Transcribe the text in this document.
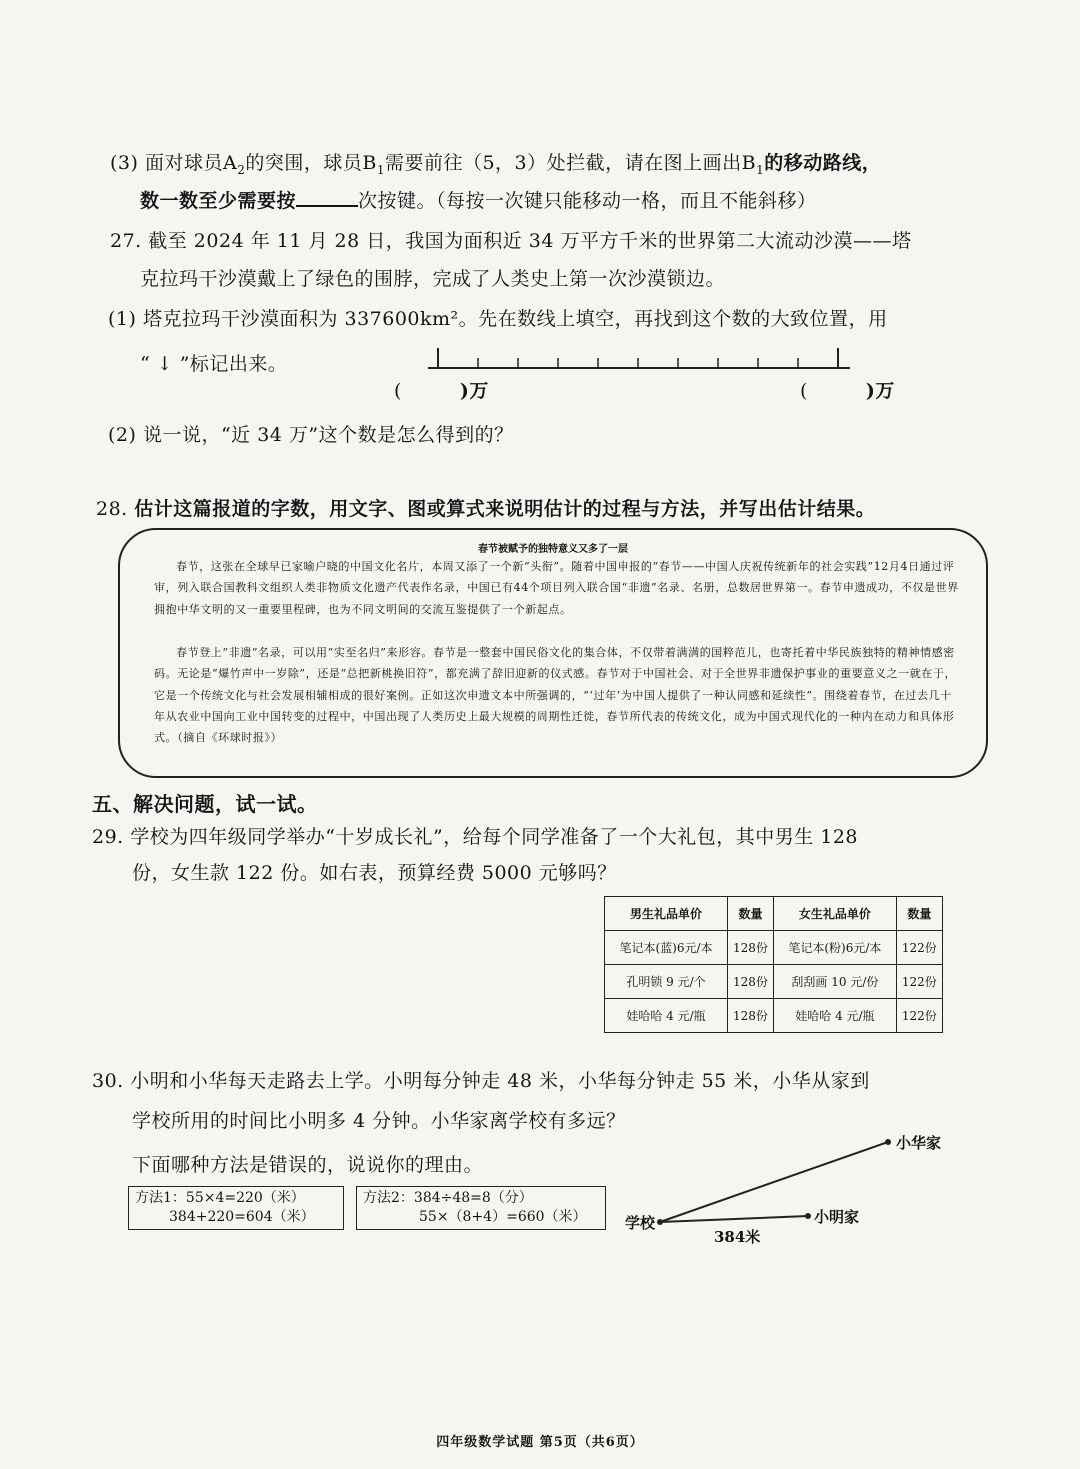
(3) 面对球员$A_2$的突围，球员$B_1$需要前往（5，3）处拦截，请在图上画出$B_1$的移动路线，
数一数至少需要按	次按键。（每按一次键只能移动一格，而且不能斜移）
27. 截至 2024 年 11 月 28 日，我国为面积近 34 万平方千米的世界第二大流动沙漠——塔
克拉玛干沙漠戴上了绿色的围脖，完成了人类史上第一次沙漠锁边。
(1) 塔克拉玛干沙漠面积为 337600km²。先在数线上填空，再找到这个数的大致位置，用
“ ↓ ”标记出来。
(	)万	(	)万
(2) 说一说，“近 34 万”这个数是怎么得到的？
28. 估计这篇报道的字数，用文字、图或算式来说明估计的过程与方法，并写出估计结果。
春节被赋予的独特意义又多了一层
春节，这张在全球早已家喻户晓的中国文化名片，本周又添了一个新“头衔”。随着中国申报的“春节——中国人庆祝传统新年的社会实践”12月4日通过评审，列入联合国教科文组织人类非物质文化遗产代表作名录，中国已有44个项目列入联合国“非遗”名录、名册，总数居世界第一。春节申遗成功，不仅是世界拥抱中华文明的又一重要里程碑，也为不同文明间的交流互鉴提供了一个新起点。
春节登上“非遗”名录，可以用“实至名归”来形容。春节是一整套中国民俗文化的集合体，不仅带着满满的国粹范儿，也寄托着中华民族独特的精神情感密码。无论是“爆竹声中一岁除”，还是“总把新桃换旧符”，都充满了辞旧迎新的仪式感。春节对于中国社会、对于全世界非遗保护事业的重要意义之一就在于，它是一个传统文化与社会发展相辅相成的很好案例。正如这次申遗文本中所强调的，“‘过年’为中国人提供了一种认同感和延续性”。围绕着春节，在过去几十年从农业中国向工业中国转变的过程中，中国出现了人类历史上最大规模的周期性迁徙，春节所代表的传统文化，成为中国式现代化的一种内在动力和具体形式。（摘自《环球时报》）
五、解决问题，试一试。
29. 学校为四年级同学举办“十岁成长礼”，给每个同学准备了一个大礼包，其中男生 128
份，女生款 122 份。如右表，预算经费 5000 元够吗？
男生礼品单价	数量	女生礼品单价	数量
笔记本(蓝)6元/本	128份	笔记本(粉)6元/本	122份
孔明锁 9 元/个	128份	刮刮画 10 元/份	122份
娃哈哈 4 元/瓶	128份	娃哈哈 4 元/瓶	122份
30. 小明和小华每天走路去上学。小明每分钟走 48 米，小华每分钟走 55 米，小华从家到
学校所用的时间比小明多 4 分钟。小华家离学校有多远？
下面哪种方法是错误的，说说你的理由。
方法1：55×4=220（米）
384+220=604（米）
方法2：384÷48=8（分）
55×（8+4）=660（米）	学校
小华家
小明家
384米
四年级数学试题 第5页（共6页）
